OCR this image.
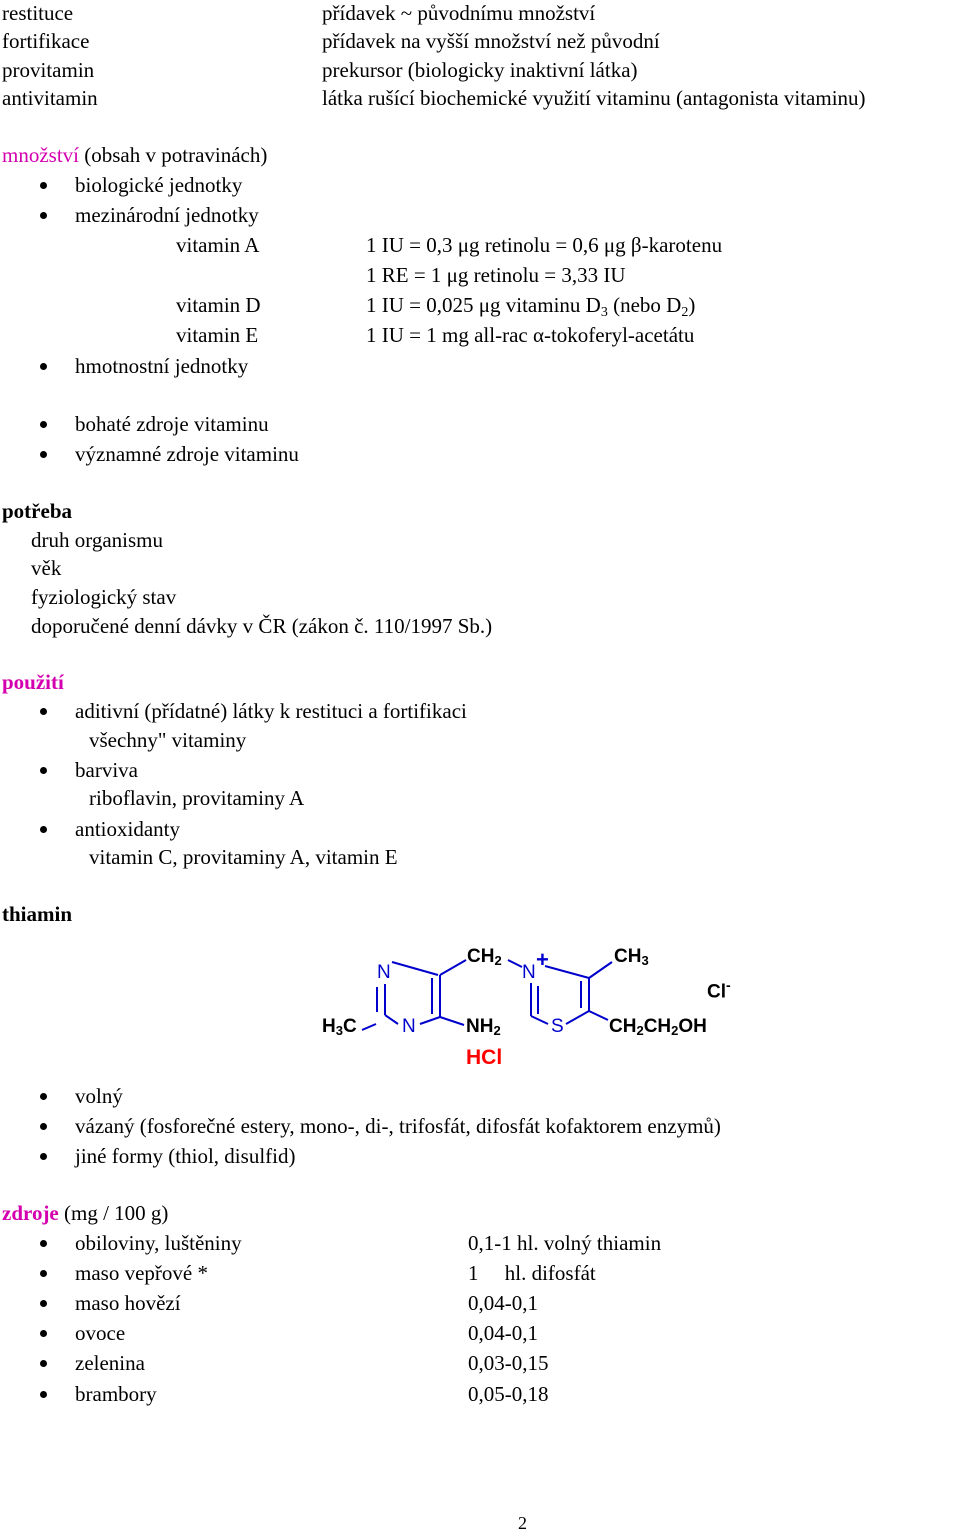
restituce	přídavek ~ původnímu množství
fortifikace	přídavek na vyšší množství než původní
provitamin	prekursor (biologicky inaktivní látka)
antivitamin	látka rušící biochemické využití vitaminu (antagonista vitaminu)
množství (obsah v potravinách)
biologické jednotky
mezinárodní jednotky
vitamin A	1 IU = 0,3 μg retinolu = 0,6 μg β-karotenu
1 RE = 1 μg retinolu = 3,33 IU
vitamin D	1 IU = 0,025 μg vitaminu $D_3$ (nebo $D_2$)
vitamin E	1 IU = 1 mg all-rac α-tokoferyl-acetátu
hmotnostní jednotky
bohaté zdroje vitaminu
významné zdroje vitaminu
potřeba
druh organismu
věk
fyziologický stav
doporučené denní dávky v ČR (zákon č. 110/1997 Sb.)
použití
aditivní (přídatné) látky k restituci a fortifikaci
všechny" vitaminy
barviva
riboflavin, provitaminy A
antioxidanty
vitamin C, provitaminy A, vitamin E
thiamin
N
$CH_2$
N
+	$CH_3$
Cl-
$H_3C$ N	$NH_2$	S $CH_2CH_2OH$
HCl
volný
vázaný (fosforečné estery, mono-, di-, trifosfát, difosfát kofaktorem enzymů)
jiné formy (thiol, disulfid)
zdroje (mg / 100 g)
obiloviny, luštěniny	0,1-1 hl. volný thiamin
maso vepřové *	1     hl. difosfát
maso hovězí	0,04-0,1
ovoce	0,04-0,1
zelenina	0,03-0,15
brambory	0,05-0,18
2
